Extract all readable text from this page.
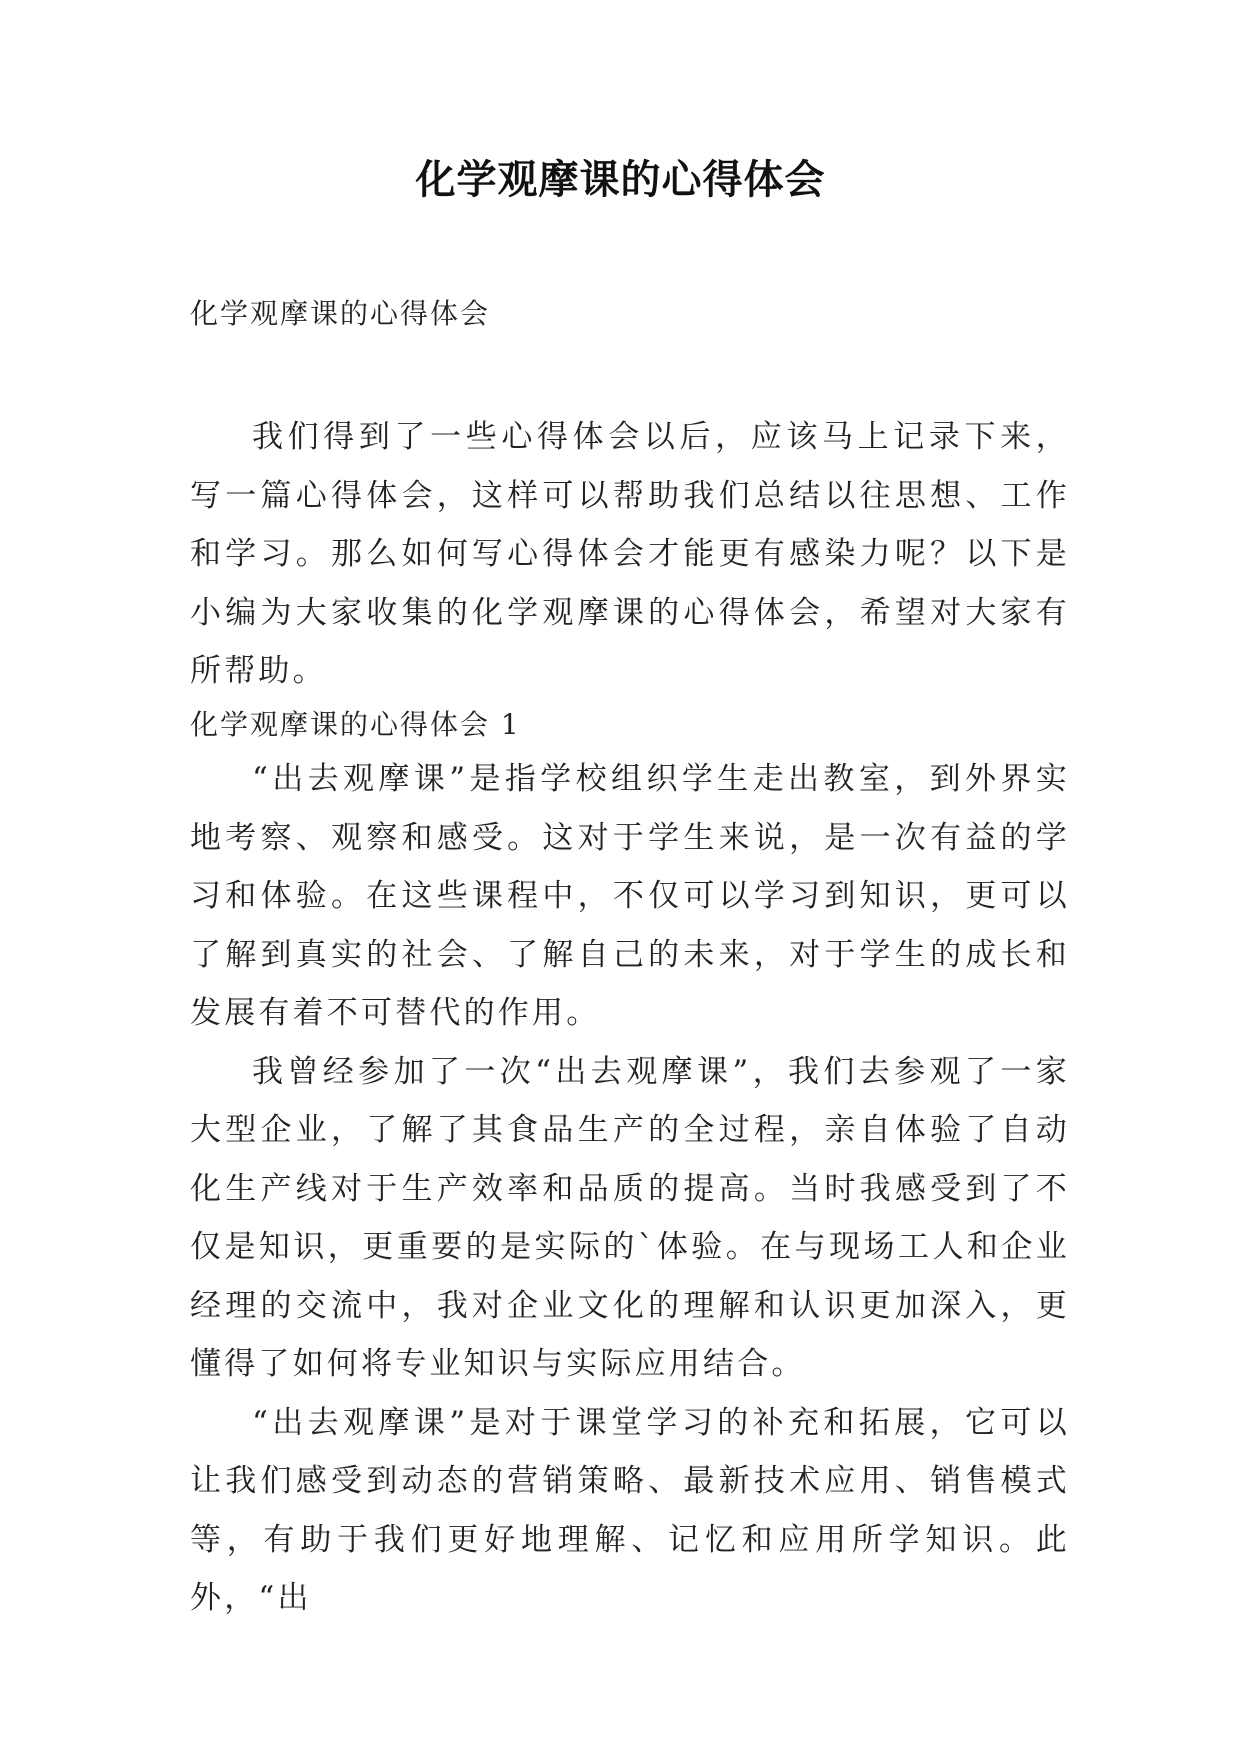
化学观摩课的心得体会
化学观摩课的心得体会

我们得到了一些心得体会以后，应该马上记录下来，写一篇心得体会，这样可以帮助我们总结以往思想、工作和学习。那么如何写心得体会才能更有感染力呢？以下是小编为大家收集的化学观摩课的心得体会，希望对大家有所帮助。

化学观摩课的心得体会 1

“出去观摩课”是指学校组织学生走出教室，到外界实地考察、观察和感受。这对于学生来说，是一次有益的学习和体验。在这些课程中，不仅可以学习到知识，更可以了解到真实的社会、了解自己的未来，对于学生的成长和发展有着不可替代的作用。

我曾经参加了一次“出去观摩课”，我们去参观了一家大型企业，了解了其食品生产的全过程，亲自体验了自动化生产线对于生产效率和品质的提高。当时我感受到了不仅是知识，更重要的是实际的`体验。在与现场工人和企业经理的交流中，我对企业文化的理解和认识更加深入，更懂得了如何将专业知识与实际应用结合。

“出去观摩课”是对于课堂学习的补充和拓展，它可以让我们感受到动态的营销策略、最新技术应用、销售模式等，有助于我们更好地理解、记忆和应用所学知识。此外，“出
